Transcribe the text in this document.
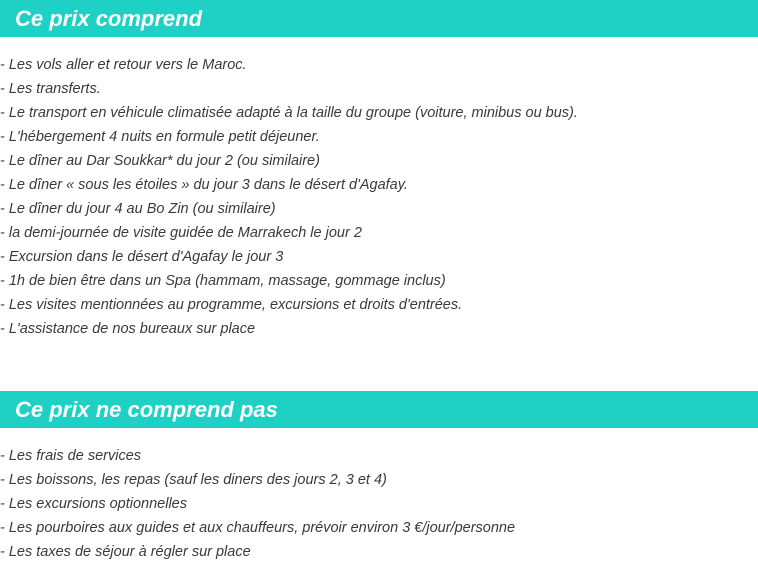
Ce prix comprend
- Les vols aller et retour vers le Maroc.
- Les transferts.
- Le transport en véhicule climatisée adapté à la taille du groupe (voiture, minibus ou bus).
- L'hébergement 4 nuits en formule petit déjeuner.
- Le dîner au Dar Soukkar* du jour 2 (ou similaire)
- Le dîner « sous les étoiles » du jour 3 dans le désert d'Agafay.
- Le dîner du jour 4 au Bo Zin (ou similaire)
- la demi-journée de visite guidée de Marrakech le jour 2
- Excursion dans le désert d'Agafay le jour 3
- 1h de bien être dans un Spa (hammam, massage, gommage inclus)
- Les visites mentionnées au programme, excursions et droits d'entrées.
- L'assistance de nos bureaux sur place
Ce prix ne comprend pas
- Les frais de services
- Les boissons, les repas (sauf les diners des jours 2, 3 et 4)
- Les excursions optionnelles
- Les pourboires aux guides et aux chauffeurs, prévoir environ 3 €/jour/personne
- Les taxes de séjour à régler sur place
